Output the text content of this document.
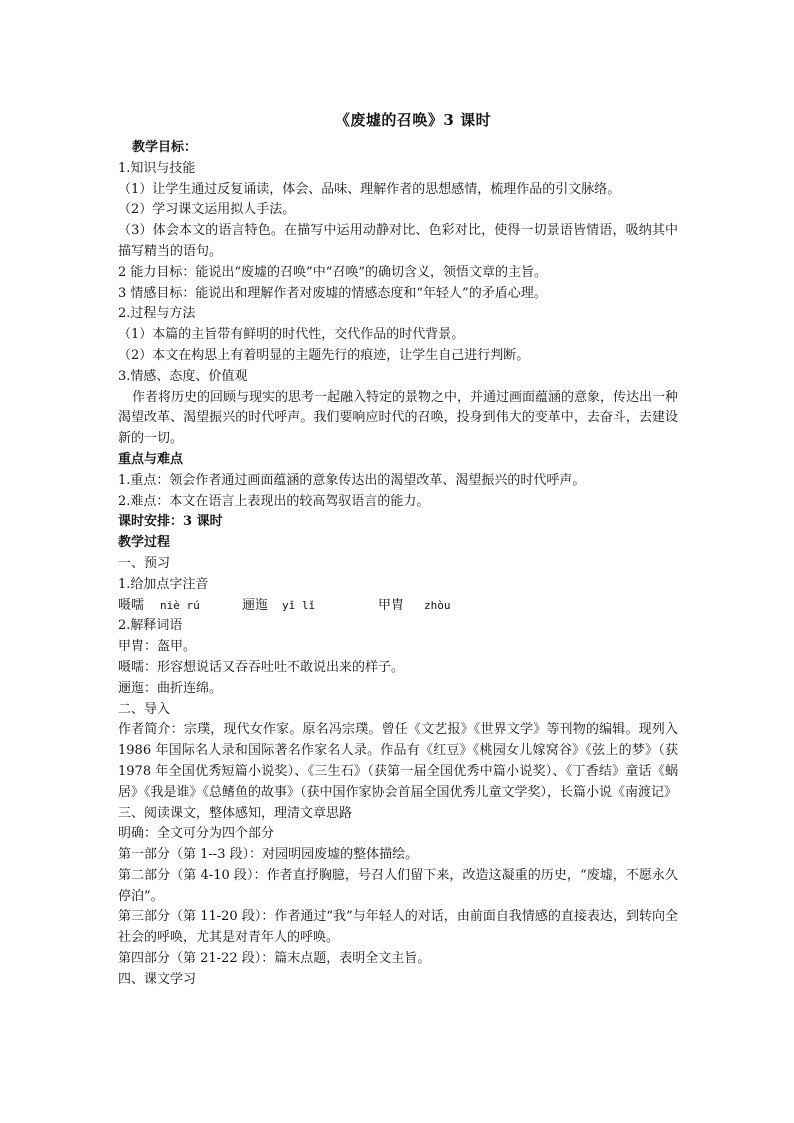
《废墟的召唤》3 课时
教学目标：
1.知识与技能
（1）让学生通过反复诵读，体会、品味、理解作者的思想感情，梳理作品的引文脉络。
（2）学习课文运用拟人手法。
（3）体会本文的语言特色。在描写中运用动静对比、色彩对比，使得一切景语皆情语，吸纳其中描写精当的语句。
2 能力目标：能说出“废墟的召唤”中“召唤”的确切含义，领悟文章的主旨。
3 情感目标：能说出和理解作者对废墟的情感态度和“年轻人”的矛盾心理。
2.过程与方法
（1）本篇的主旨带有鲜明的时代性，交代作品的时代背景。
（2）本文在构思上有着明显的主题先行的痕迹，让学生自己进行判断。
3.情感、态度、价值观
作者将历史的回顾与现实的思考一起融入特定的景物之中，并通过画面蕴涵的意象，传达出一种渴望改革、渴望振兴的时代呼声。我们要响应时代的召唤，投身到伟大的变革中，去奋斗，去建设新的一切。
重点与难点
1.重点：领会作者通过画面蕴涵的意象传达出的渴望改革、渴望振兴的时代呼声。
2.难点：本文在语言上表现出的较高驾驭语言的能力。
课时安排：3 课时
教学过程
一、预习
1.给加点字注音
嗫嚅	niè rú	逦迤	yǐ lǐ	甲胄	zhòu
2.解释词语
甲胄：盔甲。
嗫嚅：形容想说话又吞吞吐吐不敢说出来的样子。
逦迤：曲折连绵。
二、导入
作者简介：宗璞，现代女作家。原名冯宗璞。曾任《文艺报》《世界文学》等刊物的编辑。现列入 1986 年国际名人录和国际著名作家名人录。作品有《红豆》《桃园女儿嫁窝谷》《弦上的梦》（获 1978 年全国优秀短篇小说奖）、《三生石》（获第一届全国优秀中篇小说奖）、《丁香结》童话《蜗居》《我是谁》《总鳍鱼的故事》（获中国作家协会首届全国优秀儿童文学奖），长篇小说《南渡记》
三、阅读课文，整体感知，理清文章思路
明确：全文可分为四个部分
第一部分（第 1--3 段）：对园明园废墟的整体描绘。
第二部分（第 4-10 段）：作者直抒胸臆，号召人们留下来，改造这凝重的历史，“废墟，不愿永久停泊”。
第三部分（第 11-20 段）：作者通过“我”与年轻人的对话，由前面自我情感的直接表达，到转向全社会的呼唤，尤其是对青年人的呼唤。
第四部分（第 21-22 段）：篇末点题，表明全文主旨。
四、课文学习
